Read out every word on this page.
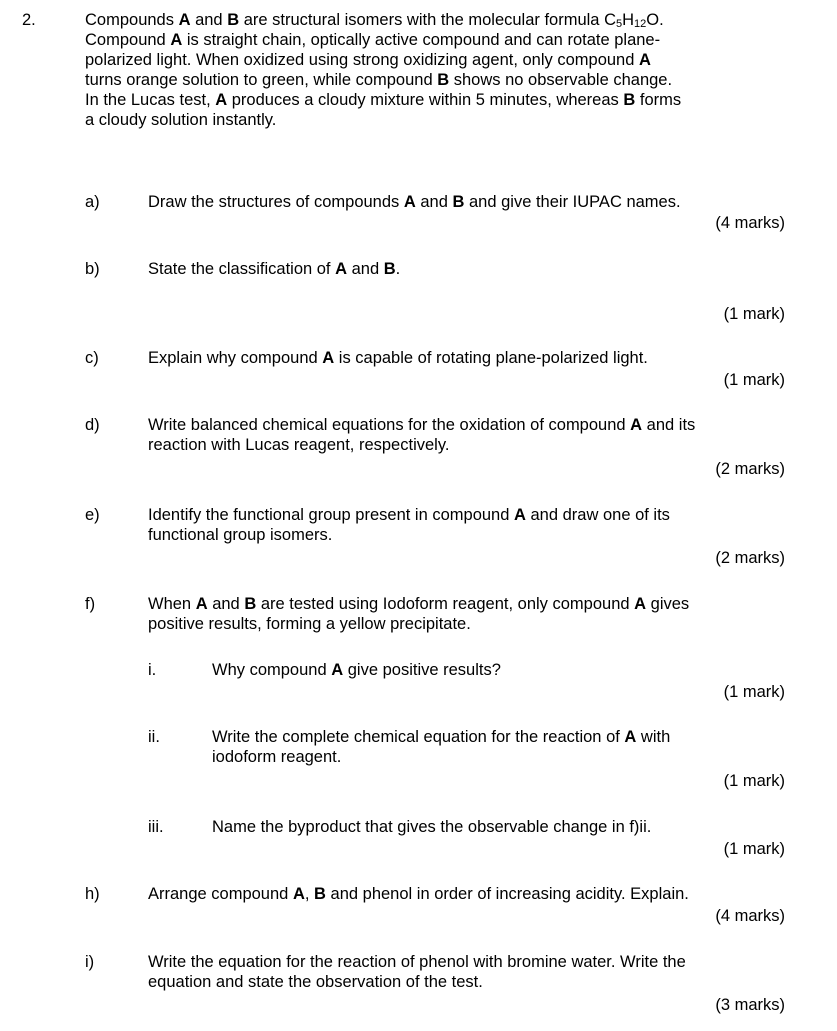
2.	Compounds A and B are structural isomers with the molecular formula $C_5H_{12}O$.
Compound A is straight chain, optically active compound and can rotate plane-
polarized light. When oxidized using strong oxidizing agent, only compound A
turns orange solution to green, while compound B shows no observable change.
In the Lucas test, A produces a cloudy mixture within 5 minutes, whereas B forms
a cloudy solution instantly.
a)	Draw the structures of compounds A and B and give their IUPAC names.
(4 marks)
b)	State the classification of A and B.
(1 mark)
c)	Explain why compound A is capable of rotating plane-polarized light.
(1 mark)
d)	Write balanced chemical equations for the oxidation of compound A and its
reaction with Lucas reagent, respectively.
(2 marks)
e)	Identify the functional group present in compound A and draw one of its
functional group isomers.
(2 marks)
f)	When A and B are tested using Iodoform reagent, only compound A gives
positive results, forming a yellow precipitate.
i.	Why compound A give positive results?
(1 mark)
ii.	Write the complete chemical equation for the reaction of A with
iodoform reagent.
(1 mark)
iii.	Name the byproduct that gives the observable change in f)ii.
(1 mark)
h)	Arrange compound A, B and phenol in order of increasing acidity. Explain.
(4 marks)
i)	Write the equation for the reaction of phenol with bromine water. Write the
equation and state the observation of the test.
(3 marks)
